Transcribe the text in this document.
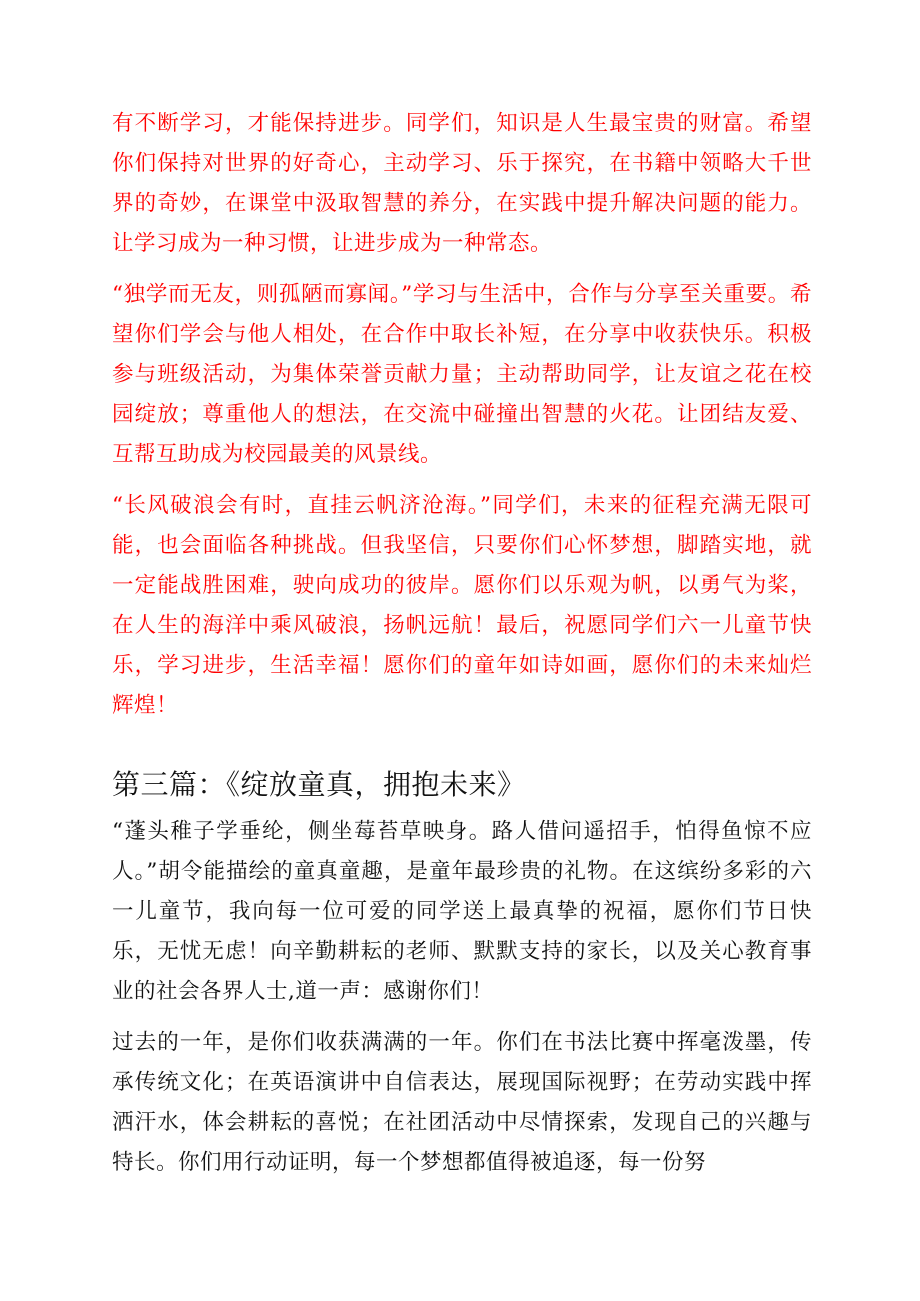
有不断学习，才能保持进步。同学们，知识是人生最宝贵的财富。希望你们保持对世界的好奇心，主动学习、乐于探究，在书籍中领略大千世界的奇妙，在课堂中汲取智慧的养分，在实践中提升解决问题的能力。让学习成为一种习惯，让进步成为一种常态。

“独学而无友，则孤陋而寡闻。”学习与生活中，合作与分享至关重要。希望你们学会与他人相处，在合作中取长补短，在分享中收获快乐。积极参与班级活动，为集体荣誉贡献力量；主动帮助同学，让友谊之花在校园绽放；尊重他人的想法，在交流中碰撞出智慧的火花。让团结友爱、互帮互助成为校园最美的风景线。

“长风破浪会有时，直挂云帆济沧海。”同学们，未来的征程充满无限可能，也会面临各种挑战。但我坚信，只要你们心怀梦想，脚踏实地，就一定能战胜困难，驶向成功的彼岸。愿你们以乐观为帆，以勇气为桨，在人生的海洋中乘风破浪，扬帆远航！最后，祝愿同学们六一儿童节快乐，学习进步，生活幸福！愿你们的童年如诗如画，愿你们的未来灿烂辉煌！

第三篇：《绽放童真，拥抱未来》

“蓬头稚子学垂纶，侧坐莓苔草映身。路人借问遥招手，怕得鱼惊不应人。”胡令能描绘的童真童趣，是童年最珍贵的礼物。在这缤纷多彩的六一儿童节，我向每一位可爱的同学送上最真挚的祝福，愿你们节日快乐，无忧无虑！向辛勤耕耘的老师、默默支持的家长，以及关心教育事业的社会各界人士,道一声：感谢你们！

过去的一年，是你们收获满满的一年。你们在书法比赛中挥毫泼墨，传承传统文化；在英语演讲中自信表达，展现国际视野；在劳动实践中挥洒汗水，体会耕耘的喜悦；在社团活动中尽情探索，发现自己的兴趣与特长。你们用行动证明，每一个梦想都值得被追逐，每一份努
